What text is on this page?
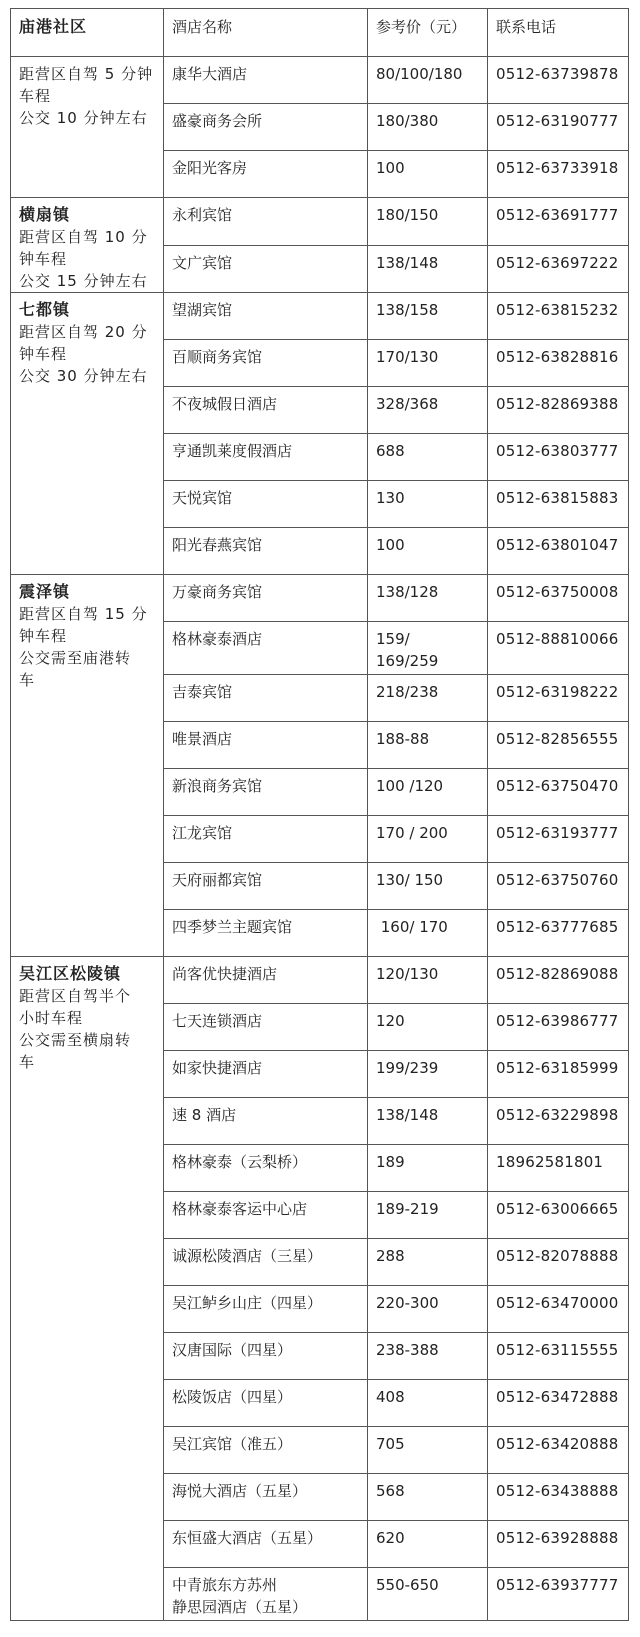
庙港社区	酒店名称	参考价（元）	联系电话

距营区自驾 5 分钟
车程
公交 10 分钟左右	康华大酒店	80/100/180	0512-63739878

	盛豪商务会所	180/380	0512-63190777

	金阳光客房	100	0512-63733918

横扇镇
距营区自驾 10 分
钟车程
公交 15 分钟左右	永利宾馆	180/150	0512-63691777

	文广宾馆	138/148	0512-63697222

七都镇
距营区自驾 20 分
钟车程
公交 30 分钟左右	望湖宾馆	138/158	0512-63815232

	百顺商务宾馆	170/130	0512-63828816

	不夜城假日酒店	328/368	0512-82869388

	亨通凯莱度假酒店	688	0512-63803777

	天悦宾馆	130	0512-63815883

	阳光春燕宾馆	100	0512-63801047

震泽镇
距营区自驾 15 分
钟车程
公交需至庙港转
车	万豪商务宾馆	138/128	0512-63750008

	格林豪泰酒店	159/
169/259	0512-88810066

	吉泰宾馆	218/238	0512-63198222

	唯景酒店	188-88	0512-82856555

	新浪商务宾馆	100 /120	0512-63750470

	江龙宾馆	170 / 200	0512-63193777

	天府丽都宾馆	130/ 150	0512-63750760

	四季梦兰主题宾馆	160/ 170	0512-63777685

吴江区松陵镇
距营区自驾半个
小时车程
公交需至横扇转
车	尚客优快捷酒店	120/130	0512-82869088

	七天连锁酒店	120	0512-63986777

	如家快捷酒店	199/239	0512-63185999

	速 8 酒店	138/148	0512-63229898

	格林豪泰（云梨桥）	189	18962581801

	格林豪泰客运中心店	189-219	0512-63006665

	诚源松陵酒店（三星）	288	0512-82078888

	吴江鲈乡山庄（四星）	220-300	0512-63470000

	汉唐国际（四星）	238-388	0512-63115555

	松陵饭店（四星）	408	0512-63472888

	吴江宾馆（准五）	705	0512-63420888

	海悦大酒店（五星）	568	0512-63438888

	东恒盛大酒店（五星）	620	0512-63928888

	中青旅东方苏州
静思园酒店（五星）	550-650	0512-63937777
